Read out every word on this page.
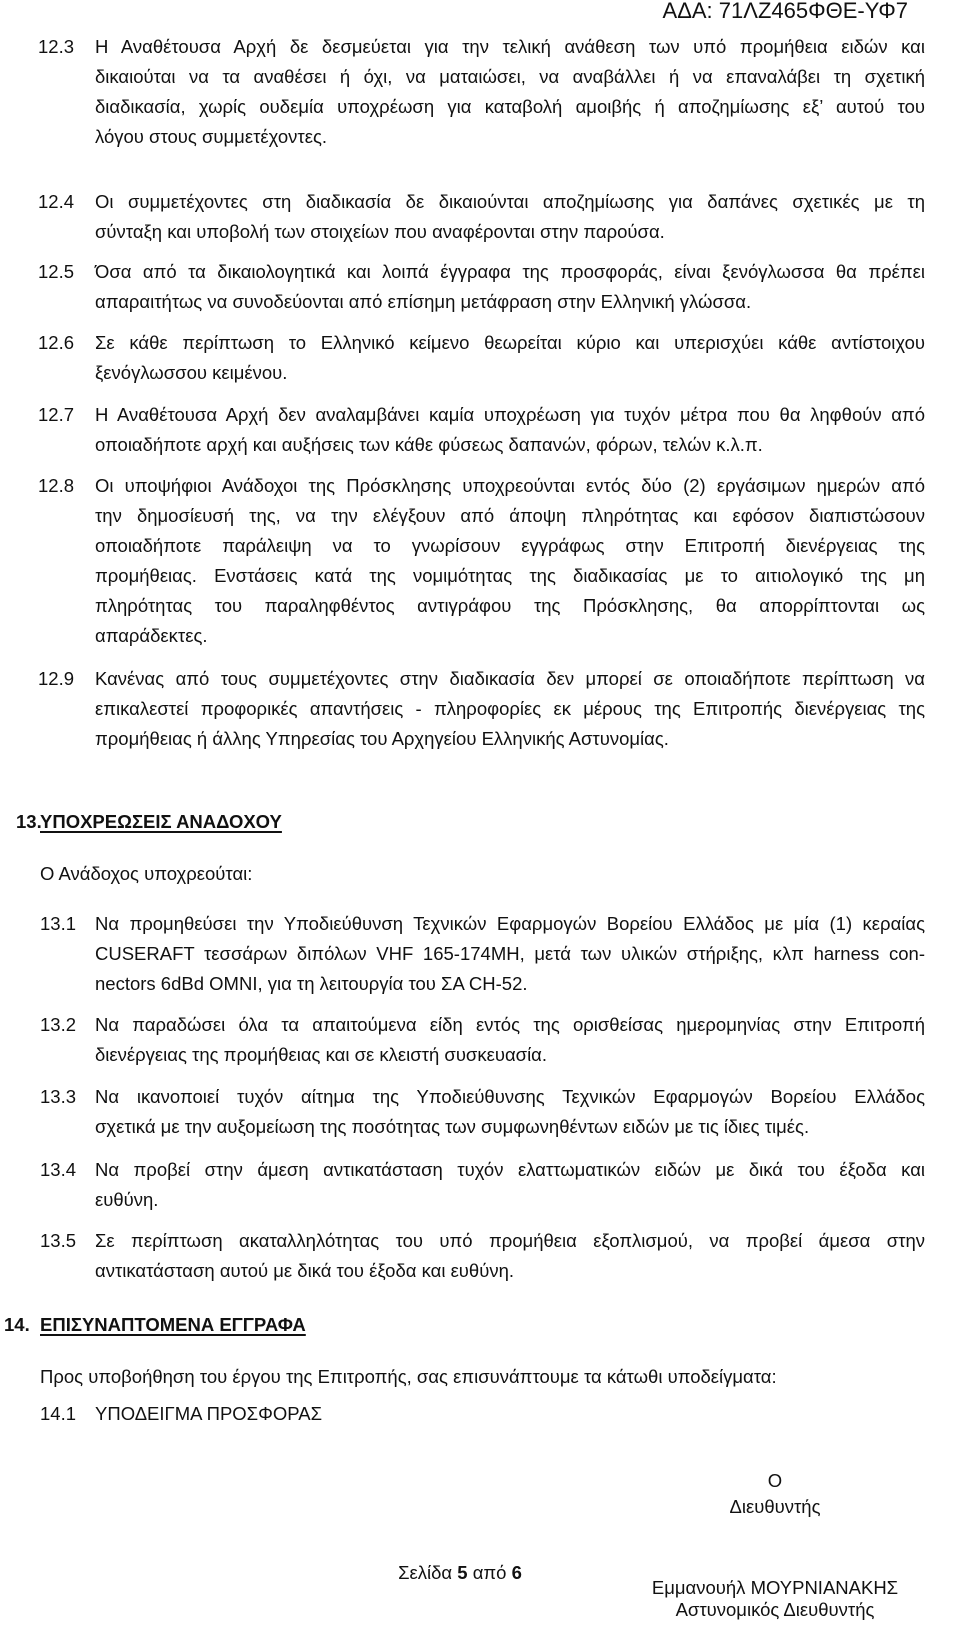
ΑΔΑ: 71ΛΖ465ΦΘΕ-ΥΦ7
12.3 Η Αναθέτουσα Αρχή δε δεσμεύεται για την τελική ανάθεση των υπό προμήθεια ειδών και
δικαιούται να τα αναθέσει ή όχι, να ματαιώσει, να αναβάλλει ή να επαναλάβει τη σχετική
διαδικασία, χωρίς ουδεμία υποχρέωση για καταβολή αμοιβής ή αποζημίωσης εξ’ αυτού του
λόγου στους συμμετέχοντες.
12.4 Οι συμμετέχοντες στη διαδικασία δε δικαιούνται αποζημίωσης για δαπάνες σχετικές με τη
σύνταξη και υποβολή των στοιχείων που αναφέρονται στην παρούσα.
12.5 Όσα από τα δικαιολογητικά και λοιπά έγγραφα της προσφοράς, είναι ξενόγλωσσα θα πρέπει
απαραιτήτως να συνοδεύονται από επίσημη μετάφραση στην Ελληνική γλώσσα.
12.6 Σε κάθε περίπτωση το Ελληνικό κείμενο θεωρείται κύριο και υπερισχύει κάθε αντίστοιχου
ξενόγλωσσου κειμένου.
12.7 Η Αναθέτουσα Αρχή δεν αναλαμβάνει καμία υποχρέωση για τυχόν μέτρα που θα ληφθούν από
οποιαδήποτε αρχή και αυξήσεις των κάθε φύσεως δαπανών, φόρων, τελών κ.λ.π.
12.8 Οι υποψήφιοι Ανάδοχοι της Πρόσκλησης υποχρεούνται εντός δύο (2) εργάσιμων ημερών από
την δημοσίευσή της, να την ελέγξουν από άποψη πληρότητας και εφόσον διαπιστώσουν
οποιαδήποτε παράλειψη να το γνωρίσουν εγγράφως στην Επιτροπή διενέργειας της
προμήθειας. Ενστάσεις κατά της νομιμότητας της διαδικασίας με το αιτιολογικό της μη
πληρότητας του παραληφθέντος αντιγράφου της Πρόσκλησης, θα απορρίπτονται ως
απαράδεκτες.
12.9 Κανένας από τους συμμετέχοντες στην διαδικασία δεν μπορεί σε οποιαδήποτε περίπτωση να
επικαλεστεί προφορικές απαντήσεις - πληροφορίες εκ μέρους της Επιτροπής διενέργειας της
προμήθειας ή άλλης Υπηρεσίας του Αρχηγείου Ελληνικής Αστυνομίας.
13.
ΥΠΟΧΡΕΩΣΕΙΣ ΑΝΑΔΟΧΟΥ
Ο Ανάδοχος υποχρεούται:
13.1 Να προμηθεύσει την Υποδιεύθυνση Τεχνικών Εφαρμογών Βορείου Ελλάδος με μία (1) κεραίας
CUSERAFT τεσσάρων διπόλων VHF 165-174MH, μετά των υλικών στήριξης, κλπ harness con-
nectors 6dBd OMNI, για τη λειτουργία του ΣΑ CH-52.
13.2 Να παραδώσει όλα τα απαιτούμενα είδη εντός της ορισθείσας ημερομηνίας στην Επιτροπή
διενέργειας της προμήθειας και σε κλειστή συσκευασία.
13.3 Να ικανοποιεί τυχόν αίτημα της Υποδιεύθυνσης Τεχνικών Εφαρμογών Βορείου Ελλάδος
σχετικά με την αυξομείωση της ποσότητας των συμφωνηθέντων ειδών με τις ίδιες τιμές.
13.4 Να προβεί στην άμεση αντικατάσταση τυχόν ελαττωματικών ειδών με δικά του έξοδα και
ευθύνη.
13.5 Σε περίπτωση ακαταλληλότητας του υπό προμήθεια εξοπλισμού, να προβεί άμεσα στην
αντικατάσταση αυτού με δικά του έξοδα και ευθύνη.
14. ΕΠΙΣΥΝΑΠΤΟΜΕΝΑ ΕΓΓΡΑΦΑ
Προς υποβοήθηση του έργου της Επιτροπής, σας επισυνάπτουμε τα κάτωθι υποδείγματα:
14.1 ΥΠΟΔΕΙΓΜΑ ΠΡΟΣΦΟΡΑΣ
Ο
Διευθυντής
Σελίδα 5 από 6
Εμμανουήλ ΜΟΥΡΝΙΑΝΑΚΗΣ
Αστυνομικός Διευθυντής
